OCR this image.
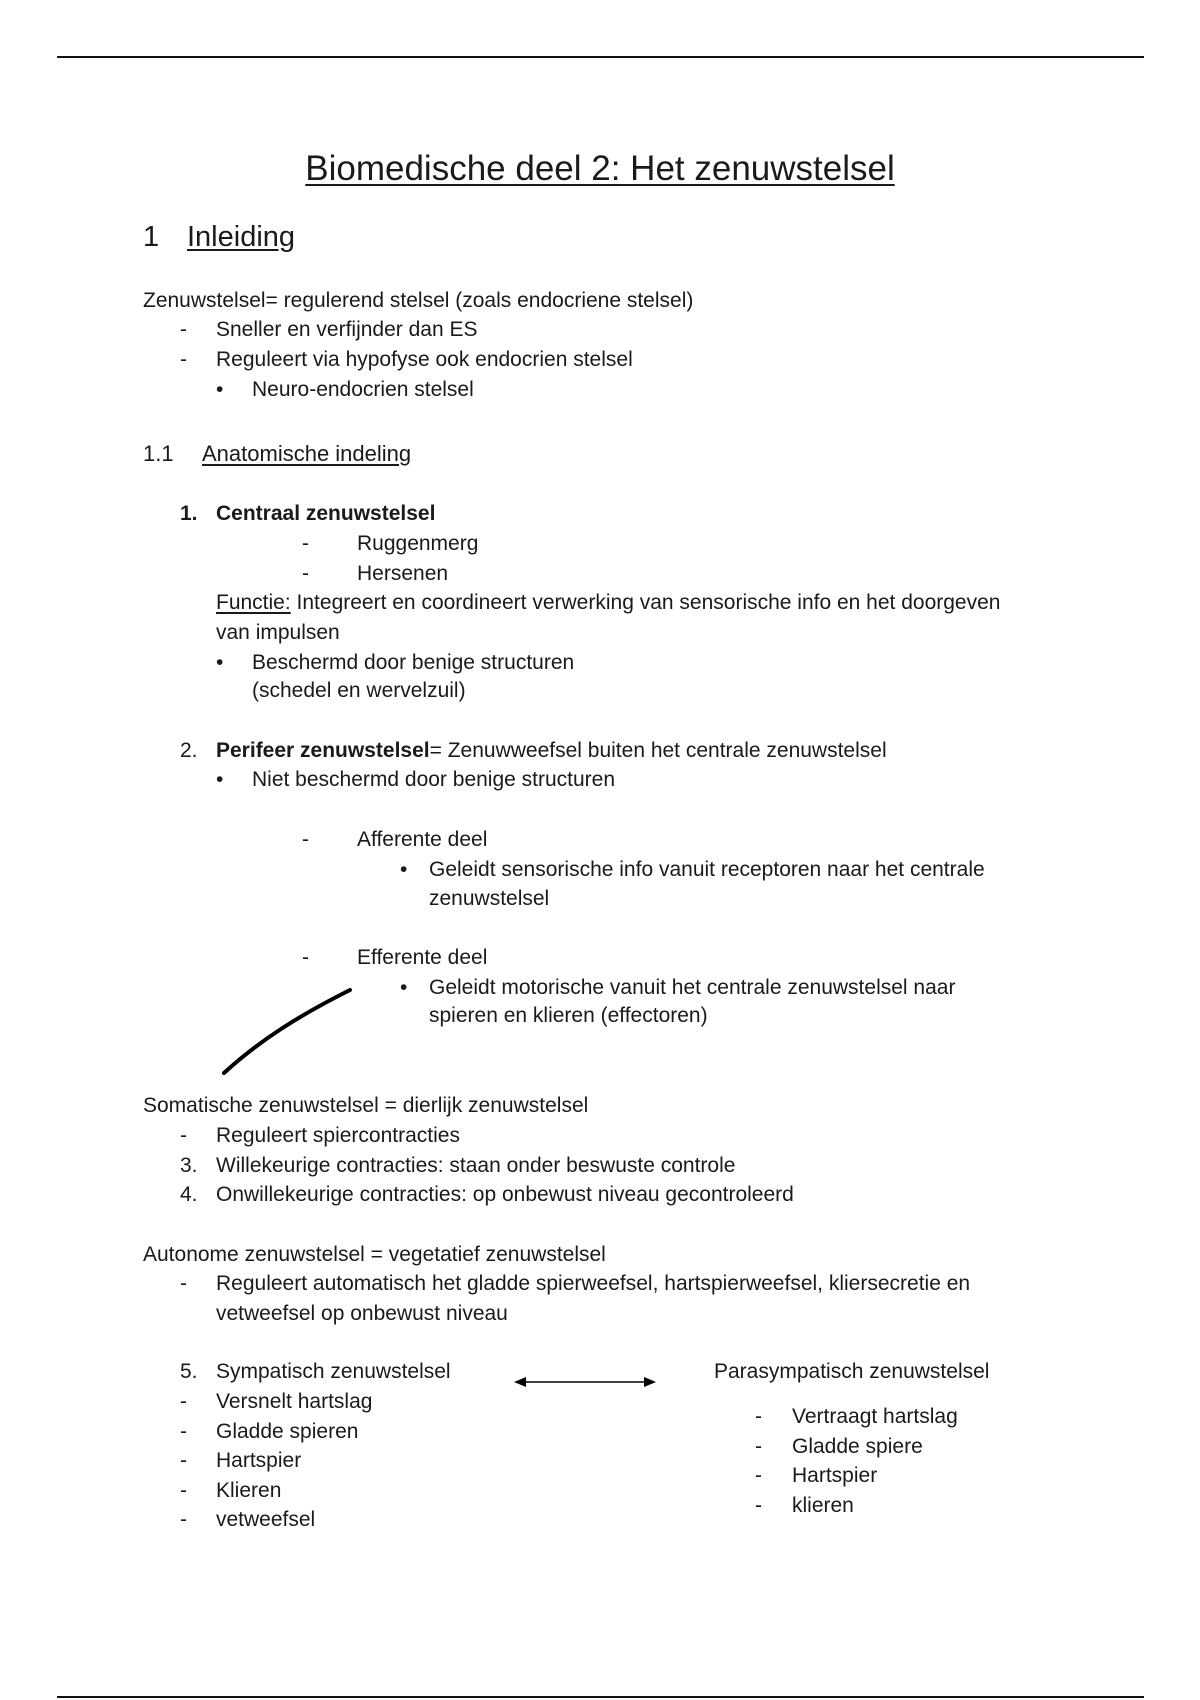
Biomedische deel 2: Het zenuwstelsel
1 Inleiding
Zenuwstelsel= regulerend stelsel (zoals endocriene stelsel)
- Sneller en verfijnder dan ES
- Reguleert via hypofyse ook endocrien stelsel
• Neuro-endocrien stelsel
1.1 Anatomische indeling
1. Centraal zenuwstelsel
- Ruggenmerg
- Hersenen
Functie: Integreert en coordineert verwerking van sensorische info en het doorgeven
van impulsen
• Beschermd door benige structuren
(schedel en wervelzuil)
2. Perifeer zenuwstelsel= Zenuwweefsel buiten het centrale zenuwstelsel
• Niet beschermd door benige structuren
- Afferente deel
• Geleidt sensorische info vanuit receptoren naar het centrale
zenuwstelsel
- Efferente deel
• Geleidt motorische vanuit het centrale zenuwstelsel naar
spieren en klieren (effectoren)
Somatische zenuwstelsel = dierlijk zenuwstelsel
- Reguleert spiercontracties
3. Willekeurige contracties: staan onder beswuste controle
4. Onwillekeurige contracties: op onbewust niveau gecontroleerd
Autonome zenuwstelsel = vegetatief zenuwstelsel
- Reguleert automatisch het gladde spierweefsel, hartspierweefsel, kliersecretie en
vetweefsel op onbewust niveau
5. Sympatisch zenuwstelsel
- Versnelt hartslag
- Gladde spieren
- Hartspier
- Klieren
- vetweefsel
Parasympatisch zenuwstelsel
- Vertraagt hartslag
- Gladde spiere
- Hartspier
- klieren
